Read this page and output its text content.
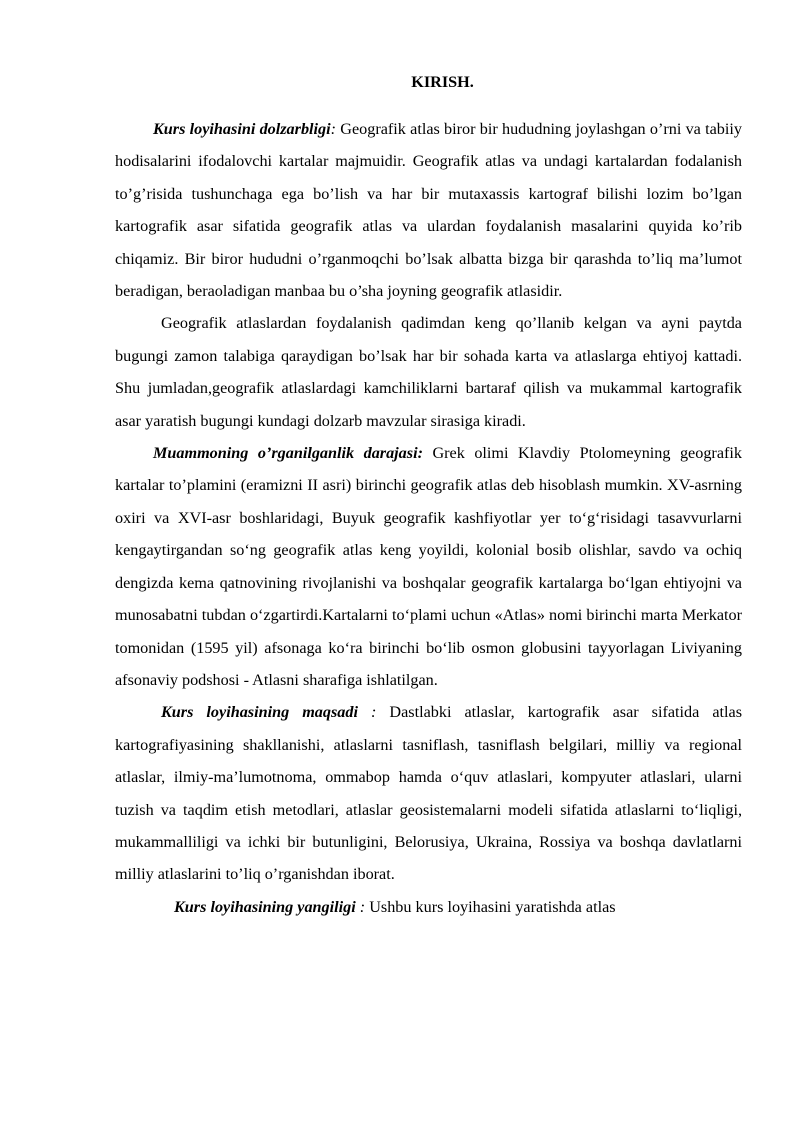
KIRISH.

Kurs loyihasini dolzarbligi: Geografik atlas biror bir hududning joylashgan o’rni va tabiiy hodisalarini ifodalovchi kartalar majmuidir. Geografik atlas va undagi kartalardan fodalanish to’g’risida tushunchaga ega bo’lish va har bir mutaxassis kartograf bilishi lozim bo’lgan kartografik asar sifatida geografik atlas va ulardan foydalanish masalarini quyida ko’rib chiqamiz. Bir biror hududni o’rganmoqchi bo’lsak albatta bizga bir qarashda to’liq ma’lumot beradigan, beraoladigan manbaa bu o’sha joyning geografik atlasidir.

Geografik atlaslardan foydalanish qadimdan keng qo’llanib kelgan va ayni paytda bugungi zamon talabiga qaraydigan bo’lsak har bir sohada karta va atlaslarga ehtiyoj kattadi. Shu jumladan,geografik atlaslardagi kamchiliklarni bartaraf qilish va mukammal kartografik asar yaratish bugungi kundagi dolzarb mavzular sirasiga kiradi.

Muammoning o’rganilganlik darajasi: Grek olimi Klavdiy Ptolomeyning geografik kartalar to’plamini (eramizni II asri) birinchi geografik atlas deb hisoblash mumkin. XV-asrning oxiri va XVI-asr boshlaridagi, Buyuk geografik kashfiyotlar yer to‘g‘risidagi tasavvurlarni kengaytirgandan so‘ng geografik atlas keng yoyildi, kolonial bosib olishlar, savdo va ochiq dengizda kema qatnovining rivojlanishi va boshqalar geografik kartalarga bo‘lgan ehtiyojni va munosabatni tubdan o‘zgartirdi.Kartalarni to‘plami uchun «Atlas» nomi birinchi marta Merkator tomonidan (1595 yil) afsonaga ko‘ra birinchi bo‘lib osmon globusini tayyorlagan Liviyaning afsonaviy podshosi - Atlasni sharafiga ishlatilgan.

Kurs loyihasining maqsadi : Dastlabki atlaslar, kartografik asar sifatida atlas kartografiyasining shakllanishi, atlaslarni tasniflash, tasniflash belgilari, milliy va regional atlaslar, ilmiy-ma’lumotnoma, ommabop hamda o‘quv atlaslari, kompyuter atlaslari, ularni tuzish va taqdim etish metodlari, atlaslar geosistemalarni modeli sifatida atlaslarni to‘liqligi, mukammalliligi va ichki bir butunligini, Belorusiya, Ukraina, Rossiya va boshqa davlatlarni milliy atlaslarini to’liq o’rganishdan iborat.

Kurs loyihasining yangiligi : Ushbu kurs loyihasini yaratishda atlas
